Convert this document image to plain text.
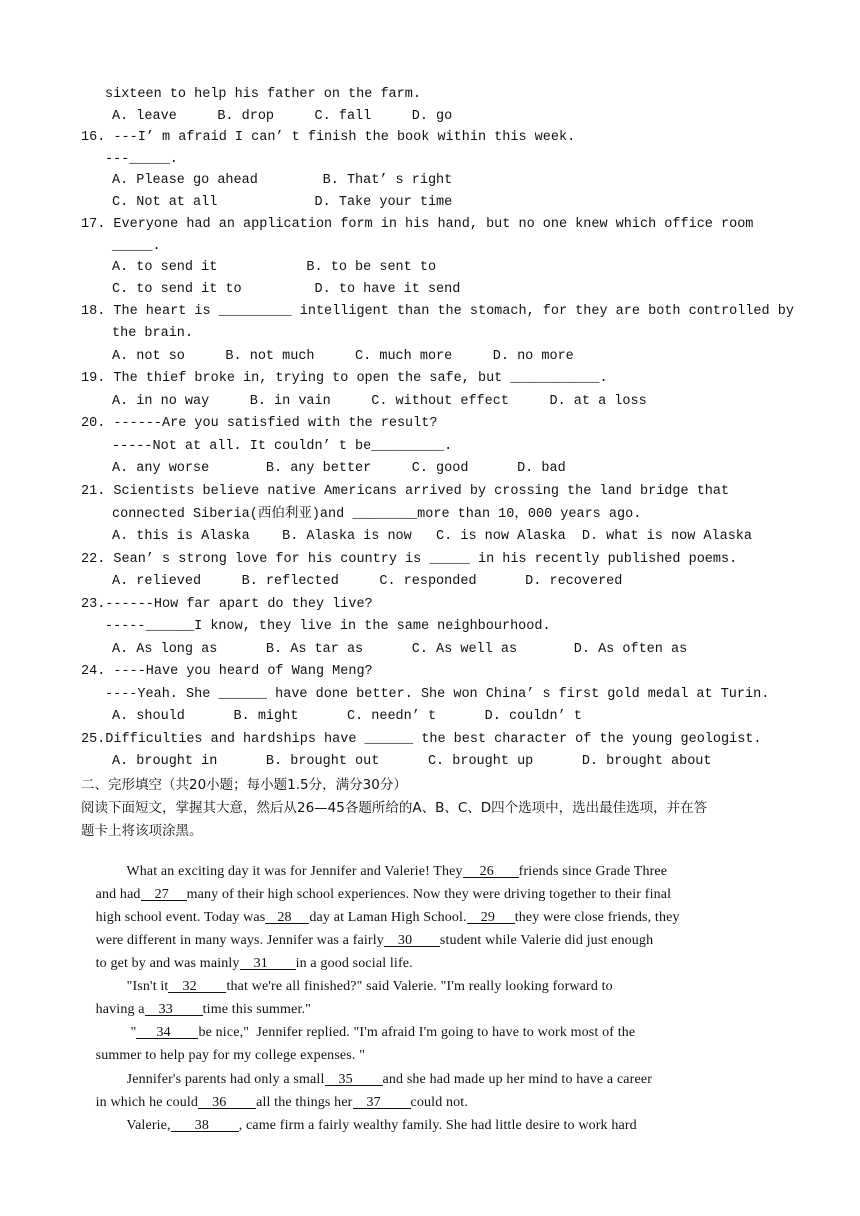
sixteen to help his father on the farm.
A. leave     B. drop     C. fall     D. go
16. ---I’ m afraid I can’ t finish the book within this week.
---_____.
A. Please go ahead        B. That’ s right
C. Not at all            D. Take your time
17. Everyone had an application form in his hand, but no one knew which office room
_____.
A. to send it           B. to be sent to
C. to send it to         D. to have it send
18. The heart is _________ intelligent than the stomach, for they are both controlled by
the brain.
A. not so     B. not much     C. much more     D. no more
19. The thief broke in, trying to open the safe, but ___________.
A. in no way     B. in vain     C. without effect     D. at a loss
20. ------Are you satisfied with the result?
-----Not at all. It couldn’ t be_________.
A. any worse       B. any better     C. good      D. bad
21. Scientists believe native Americans arrived by crossing the land bridge that
connected Siberia(西伯利亚)and ________more than 10，000 years ago.
A. this is Alaska    B. Alaska is now   C. is now Alaska  D. what is now Alaska
22. Sean’ s strong love for his country is _____ in his recently published poems.
A. relieved     B. reflected     C. responded      D. recovered
23.------How far apart do they live?
-----______I know, they live in the same neighbourhood.
A. As long as      B. As tar as      C. As well as       D. As often as
24. ----Have you heard of Wang Meng?
----Yeah. She ______ have done better. She won China’ s first gold medal at Turin.
A. should      B. might      C. needn’ t      D. couldn’ t
25.Difficulties and hardships have ______ the best character of the young geologist.
A. brought in      B. brought out      C. brought up      D. brought about
二、完形填空（共20小题；每小题1.5分，满分30分）
阅读下面短文，掌握其大意，然后从26—45各题所给的A、B、C、D四个选项中，选出最佳选项，并在答
题卡上将该项涂黑。

What an exciting day it was for Jennifer and Valerie! They 26 friends since Grade Three

and had 27 many of their high school experiences. Now they were driving together to their final

high school event. Today was 28 day at Laman High School. 29 they were close friends, they

were different in many ways. Jennifer was a fairly 30 student while Valerie did just enough

to get by and was mainly 31 in a good social life.

"Isn't it 32 that we're all finished?" said Valerie. "I'm really looking forward to

having a 33 time this summer."

" 34 be nice,"  Jennifer replied. "I'm afraid I'm going to have to work most of the

summer to help pay for my college expenses. "

Jennifer's parents had only a small 35 and she had made up her mind to have a career

in which he could 36 all the things her 37 could not.

Valerie, 38 , came firm a fairly wealthy family. She had little desire to work hard
